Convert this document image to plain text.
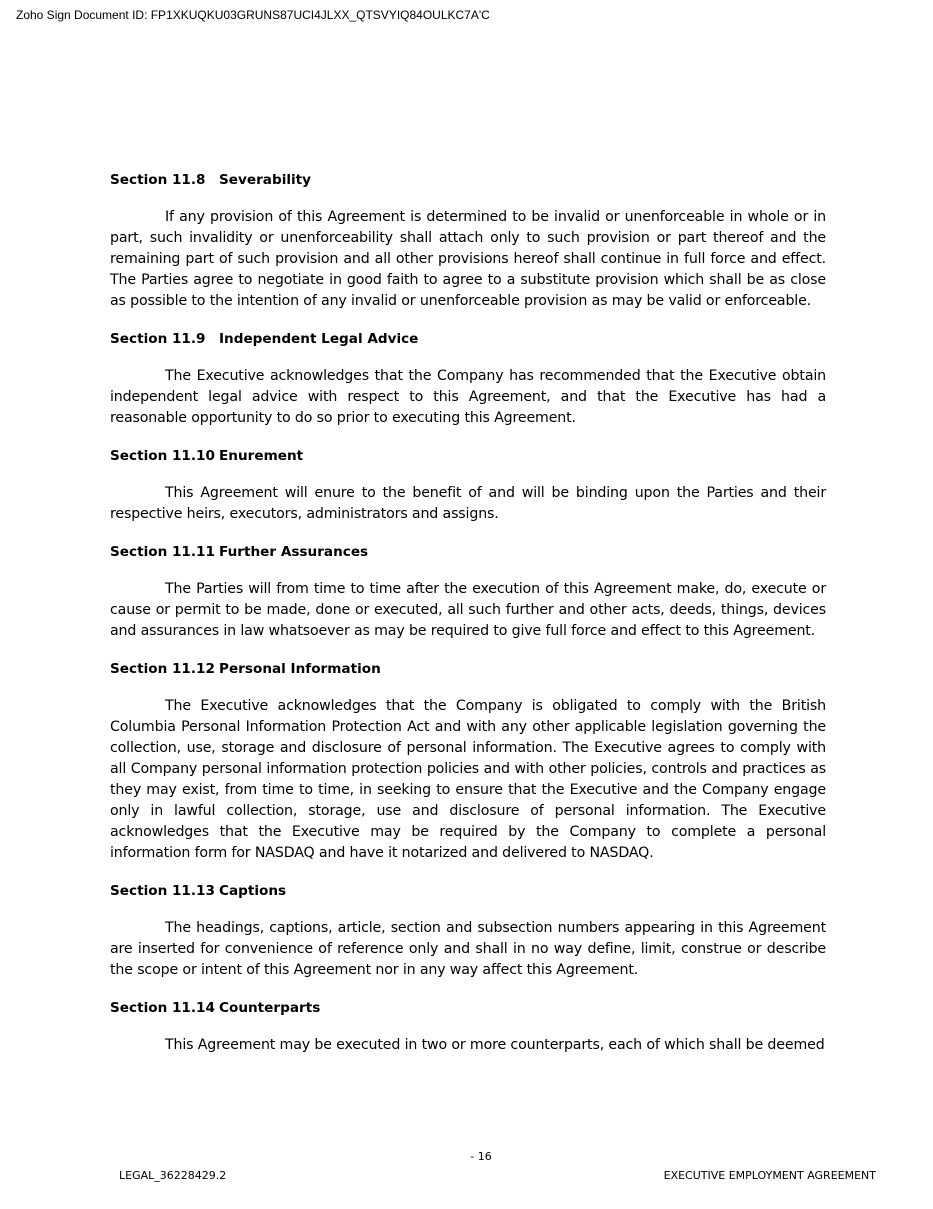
Zoho Sign Document ID: FP1XKUQKU03GRUNS87UCI4JLXX_QTSVYIQ84OULKC7A'C
Section 11.8 Severability

If any provision of this Agreement is determined to be invalid or unenforceable in whole or in part, such invalidity or unenforceability shall attach only to such provision or part thereof and the remaining part of such provision and all other provisions hereof shall continue in full force and effect. The Parties agree to negotiate in good faith to agree to a substitute provision which shall be as close as possible to the intention of any invalid or unenforceable provision as may be valid or enforceable.

Section 11.9 Independent Legal Advice

The Executive acknowledges that the Company has recommended that the Executive obtain independent legal advice with respect to this Agreement, and that the Executive has had a reasonable opportunity to do so prior to executing this Agreement.

Section 11.10 Enurement

This Agreement will enure to the benefit of and will be binding upon the Parties and their respective heirs, executors, administrators and assigns.

Section 11.11 Further Assurances

The Parties will from time to time after the execution of this Agreement make, do, execute or cause or permit to be made, done or executed, all such further and other acts, deeds, things, devices and assurances in law whatsoever as may be required to give full force and effect to this Agreement.

Section 11.12 Personal Information

The Executive acknowledges that the Company is obligated to comply with the British Columbia Personal Information Protection Act and with any other applicable legislation governing the collection, use, storage and disclosure of personal information. The Executive agrees to comply with all Company personal information protection policies and with other policies, controls and practices as they may exist, from time to time, in seeking to ensure that the Executive and the Company engage only in lawful collection, storage, use and disclosure of personal information. The Executive acknowledges that the Executive may be required by the Company to complete a personal information form for NASDAQ and have it notarized and delivered to NASDAQ.

Section 11.13 Captions

The headings, captions, article, section and subsection numbers appearing in this Agreement are inserted for convenience of reference only and shall in no way define, limit, construe or describe the scope or intent of this Agreement nor in any way affect this Agreement.

Section 11.14 Counterparts

This Agreement may be executed in two or more counterparts, each of which shall be deemed

- 16
LEGAL_36228429.2	EXECUTIVE EMPLOYMENT AGREEMENT
